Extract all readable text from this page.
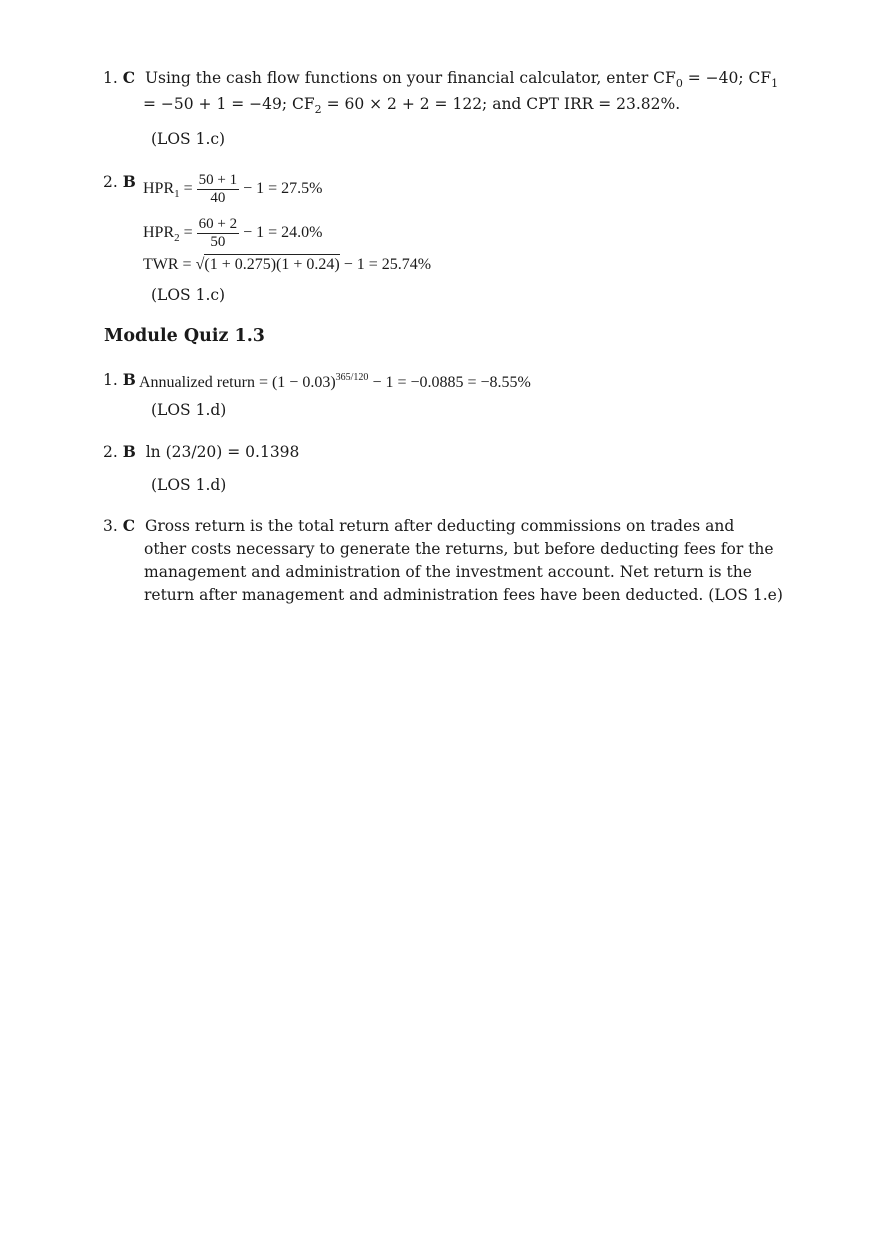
1. C Using the cash flow functions on your financial calculator, enter $CF_0 = -40$; $CF_1$
= −50 + 1 = −49; $CF_2 = 60 \times 2 + 2 = 122$; and CPT IRR = 23.82%.
(LOS 1.c)
2. B $HPR_1 = \frac{50 + 1}{40} - 1 = 27.5\%$
$HPR_2 = \frac{60 + 2}{50} - 1 = 24.0\%$
TWR = √(1 + 0.275)(1 + 0.24) − 1 = 25.74%
(LOS 1.c)
Module Quiz 1.3
1. B Annualized return = $(1 - 0.03)^{365/120} - 1 = -0.0885 = -8.55\%$
(LOS 1.d)
2. B ln (23/20) = 0.1398
(LOS 1.d)
3. C Gross return is the total return after deducting commissions on trades and
other costs necessary to generate the returns, but before deducting fees for the
management and administration of the investment account. Net return is the
return after management and administration fees have been deducted. (LOS 1.e)
